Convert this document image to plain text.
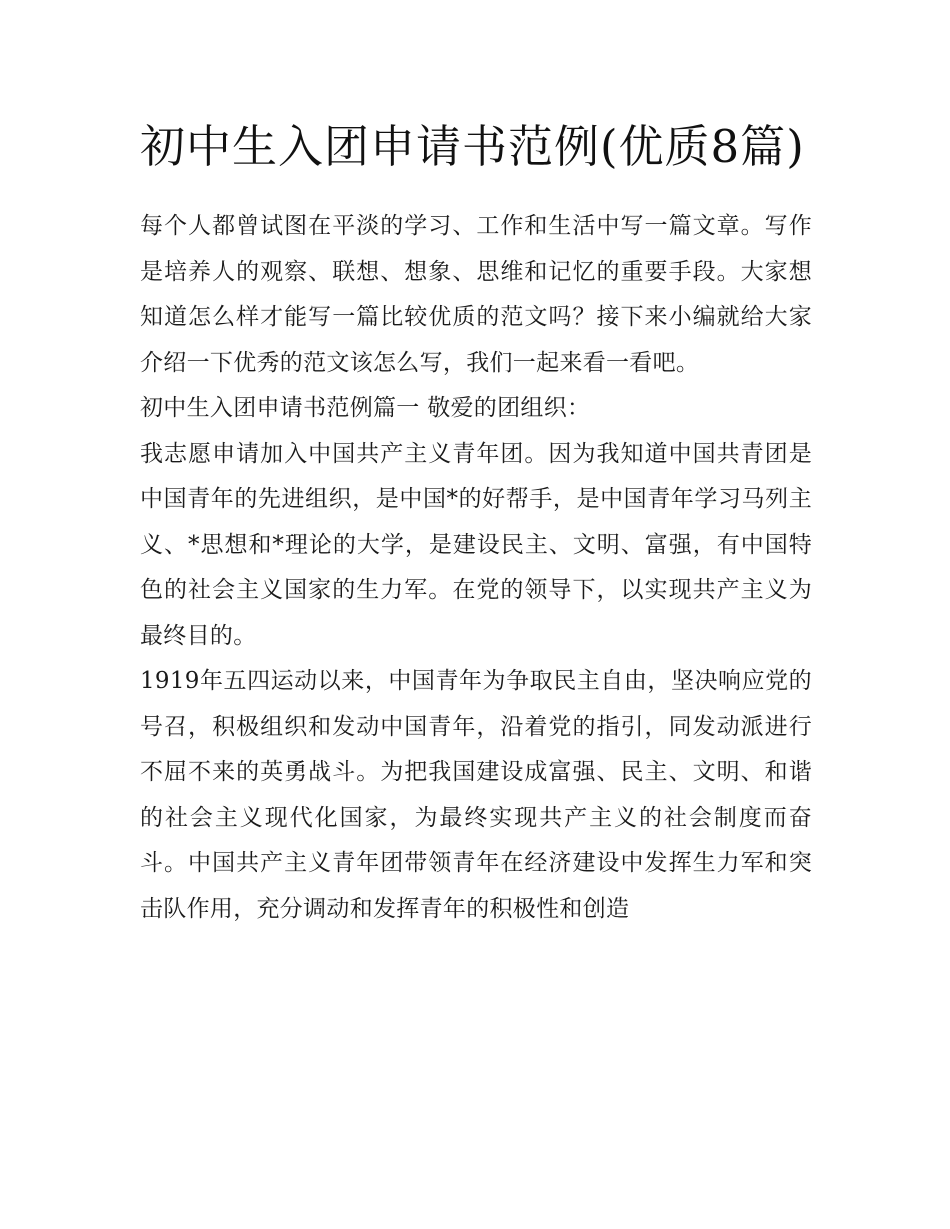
初中生入团申请书范例(优质8篇)

每个人都曾试图在平淡的学习、工作和生活中写一篇文章。写作是培养人的观察、联想、想象、思维和记忆的重要手段。大家想知道怎么样才能写一篇比较优质的范文吗？接下来小编就给大家介绍一下优秀的范文该怎么写，我们一起来看一看吧。

初中生入团申请书范例篇一 敬爱的团组织：

我志愿申请加入中国共产主义青年团。因为我知道中国共青团是中国青年的先进组织，是中国*的好帮手，是中国青年学习马列主义、*思想和*理论的大学，是建设民主、文明、富强，有中国特色的社会主义国家的生力军。在党的领导下，以实现共产主义为最终目的。

1919年五四运动以来，中国青年为争取民主自由，坚决响应党的号召，积极组织和发动中国青年，沿着党的指引，同发动派进行不屈不来的英勇战斗。为把我国建设成富强、民主、文明、和谐的社会主义现代化国家，为最终实现共产主义的社会制度而奋斗。中国共产主义青年团带领青年在经济建设中发挥生力军和突击队作用，充分调动和发挥青年的积极性和创造
